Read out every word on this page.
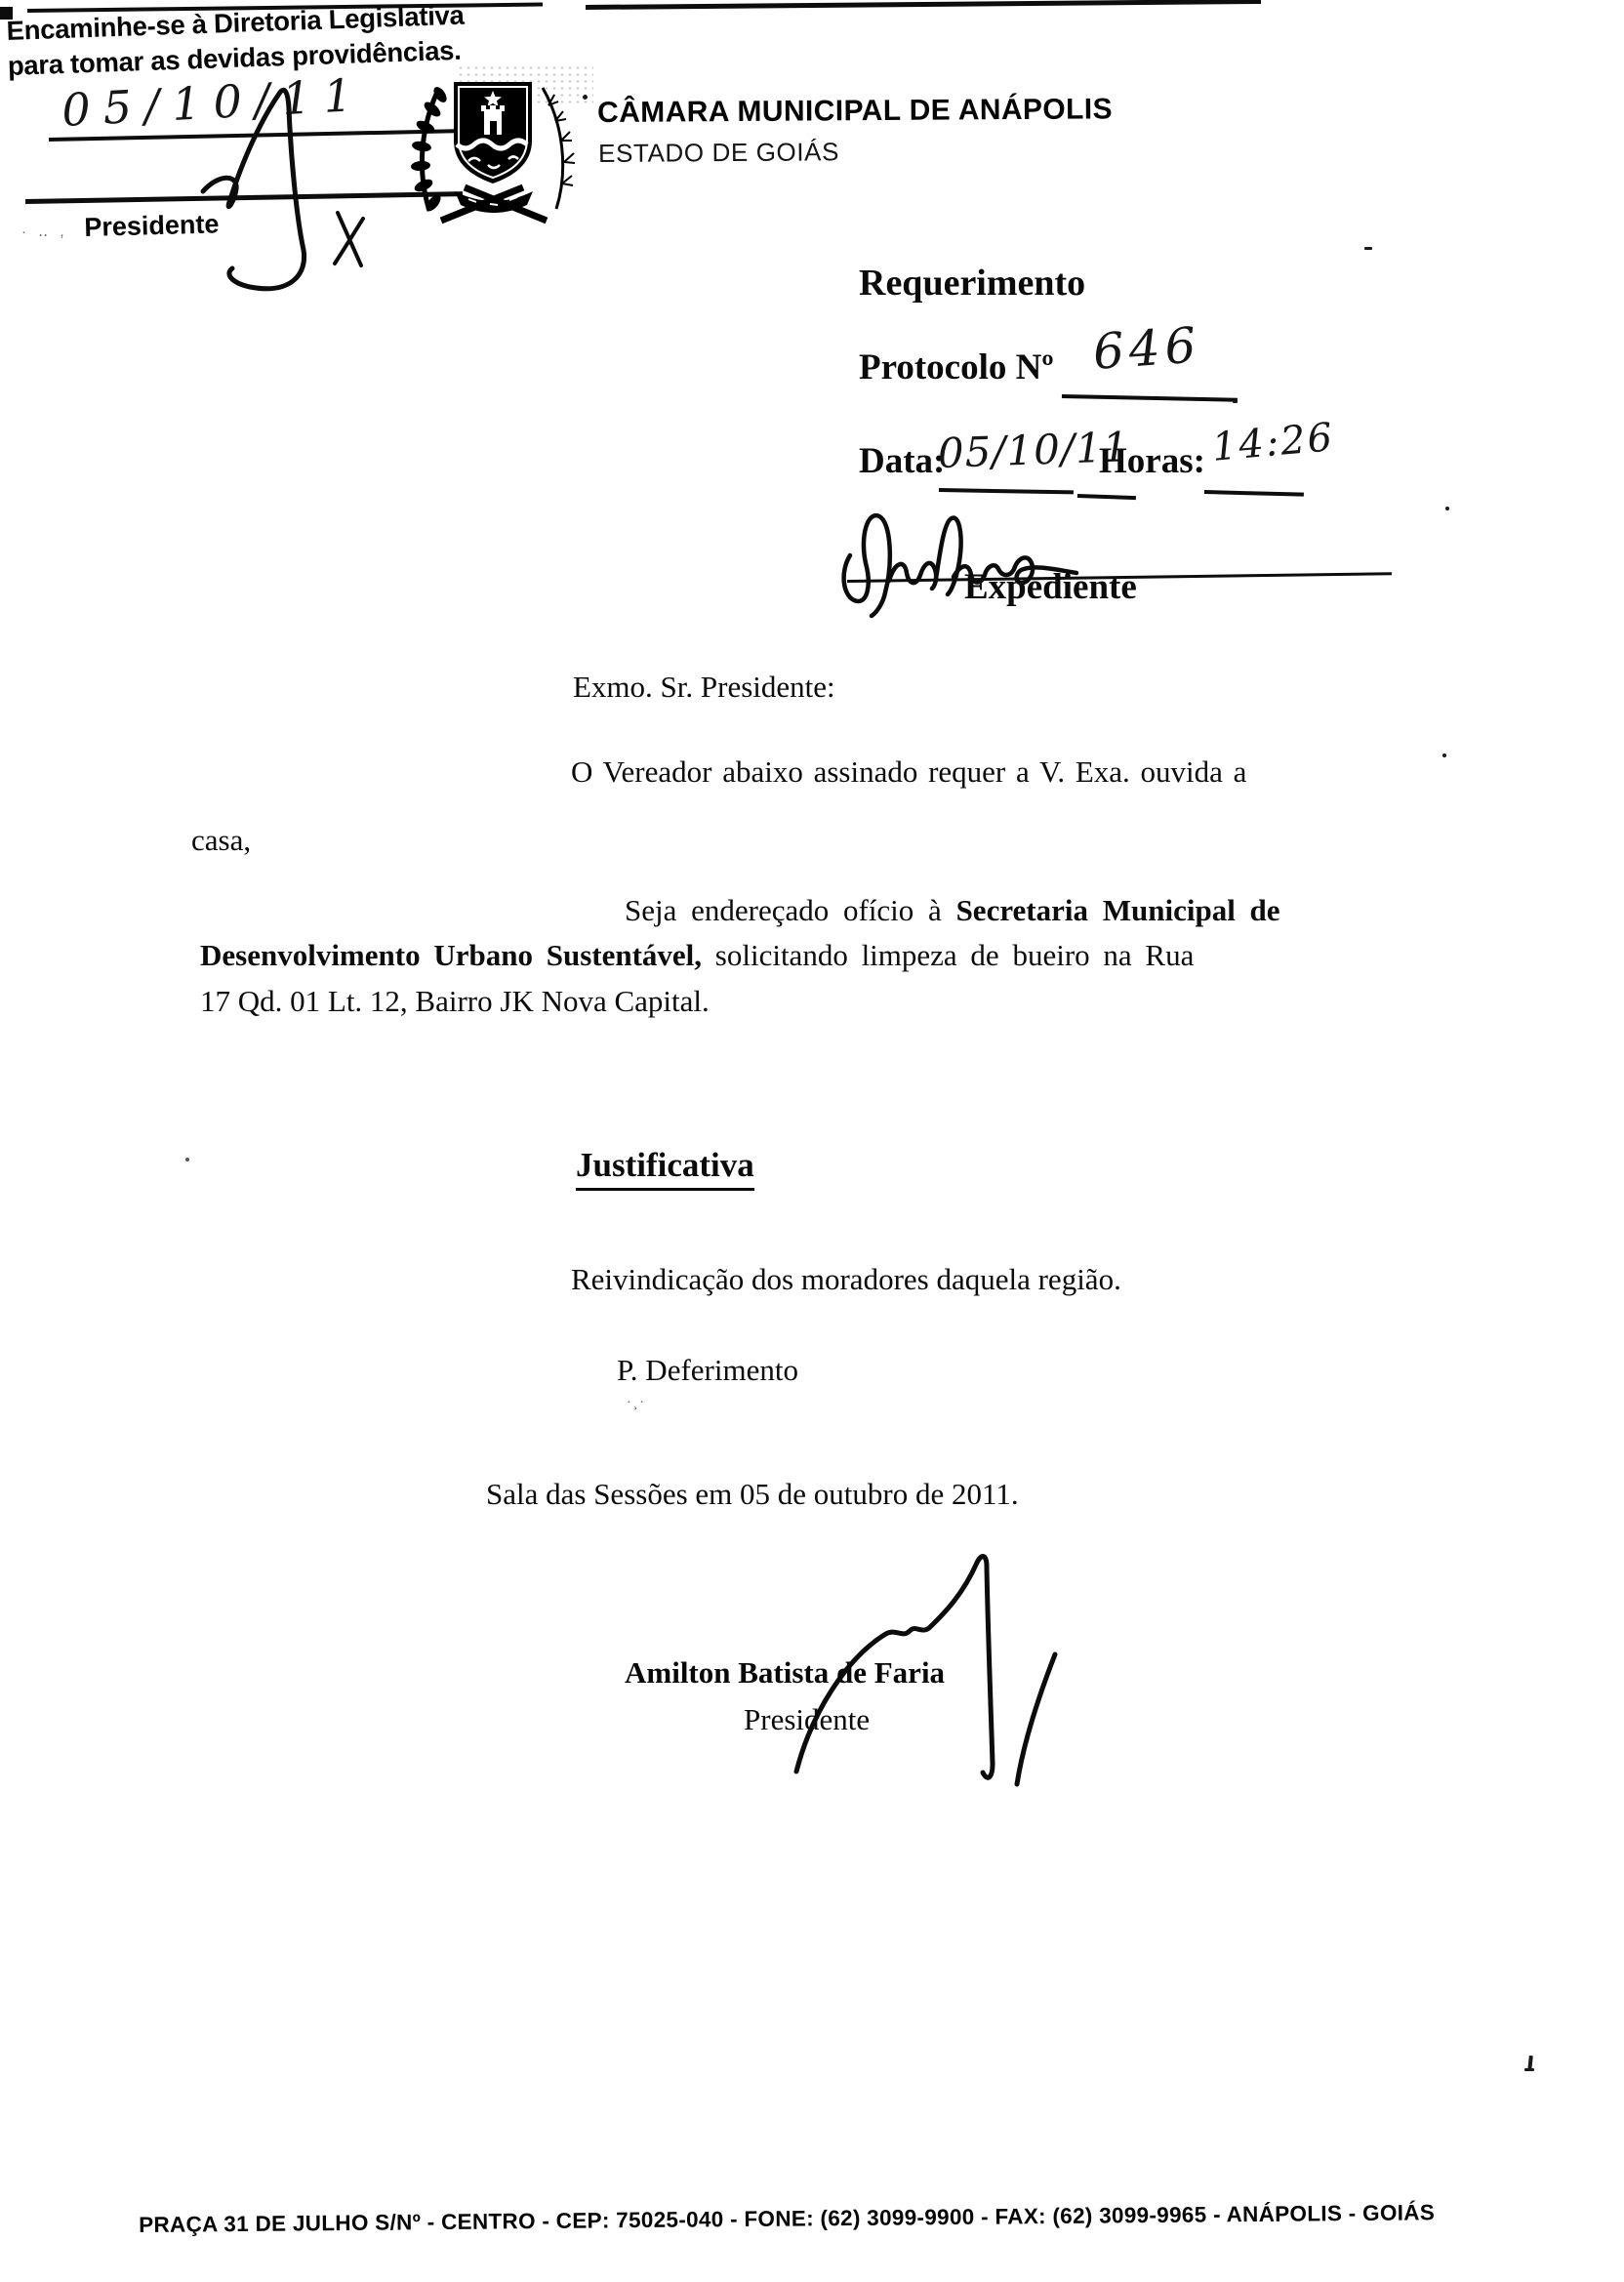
Encaminhe-se à Diretoria Legislativa
para tomar as devidas providências.
05/10/11
· ‥ , Presidente
CÂMARA MUNICIPAL DE ANÁPOLIS
ESTADO DE GOIÁS
Requerimento
Protocolo Nº 646
Data:
05/10/11
Horas: 14:26
Expediente
Exmo. Sr. Presidente:
O Vereador abaixo assinado requer a V. Exa. ouvida a
casa,
Seja endereçado ofício à Secretaria Municipal de
Desenvolvimento Urbano Sustentável, solicitando limpeza de bueiro na Rua
17 Qd. 01 Lt. 12, Bairro JK Nova Capital.
Justificativa
Reivindicação dos moradores daquela região.
P. Deferimento
·¸·
Sala das Sessões em 05 de outubro de 2011.
Amilton Batista de Faria
Presidente
PRAÇA 31 DE JULHO S/Nº - CENTRO - CEP: 75025-040 - FONE: (62) 3099-9900 - FAX: (62) 3099-9965 - ANÁPOLIS - GOIÁS
